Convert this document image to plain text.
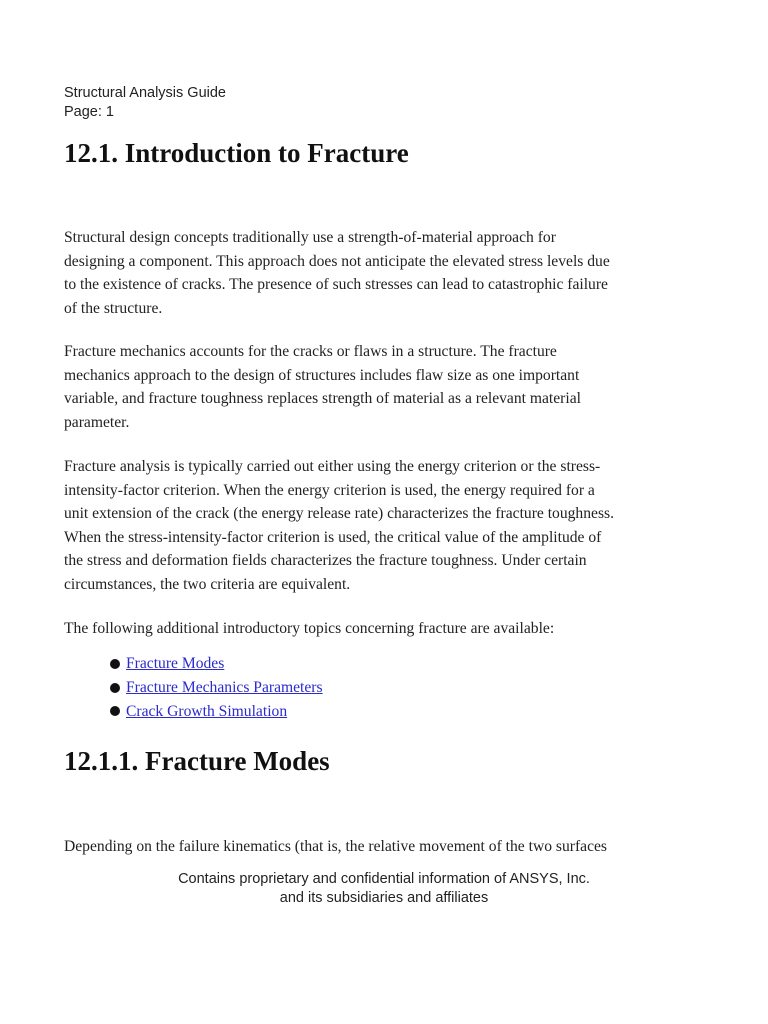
Structural Analysis Guide
Page: 1
12.1. Introduction to Fracture

Structural design concepts traditionally use a strength-of-material approach for
designing a component. This approach does not anticipate the elevated stress levels due
to the existence of cracks. The presence of such stresses can lead to catastrophic failure
of the structure.

Fracture mechanics accounts for the cracks or flaws in a structure. The fracture
mechanics approach to the design of structures includes flaw size as one important
variable, and fracture toughness replaces strength of material as a relevant material
parameter.

Fracture analysis is typically carried out either using the energy criterion or the stress-
intensity-factor criterion. When the energy criterion is used, the energy required for a
unit extension of the crack (the energy release rate) characterizes the fracture toughness.
When the stress-intensity-factor criterion is used, the critical value of the amplitude of
the stress and deformation fields characterizes the fracture toughness. Under certain
circumstances, the two criteria are equivalent.

The following additional introductory topics concerning fracture are available:

Fracture Modes
Fracture Mechanics Parameters
Crack Growth Simulation
12.1.1. Fracture Modes

Depending on the failure kinematics (that is, the relative movement of the two surfaces

Contains proprietary and confidential information of ANSYS, Inc.
and its subsidiaries and affiliates
